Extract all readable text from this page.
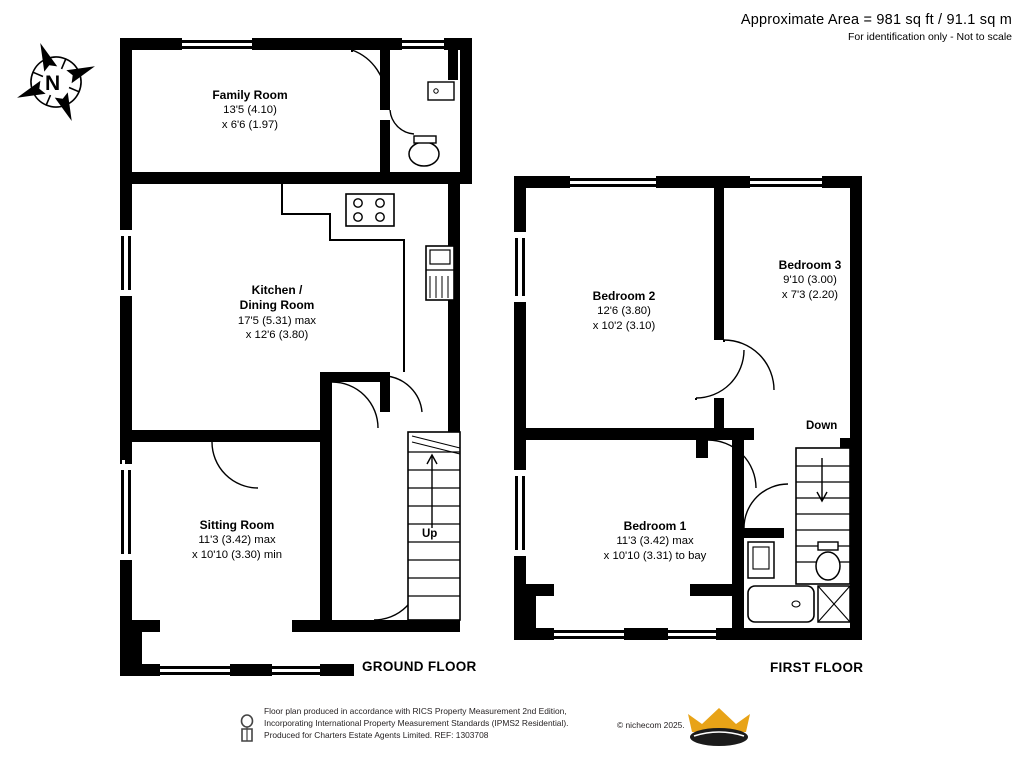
Approximate Area = 981 sq ft / 91.1 sq m
For identification only - Not to scale
N	Family Room
13'5 (4.10)
x 6'6 (1.97)
Kitchen /
Dining Room
17'5 (5.31) max
x 12'6 (3.80)
Sitting Room
11'3 (3.42) max
x 10'10 (3.30) min
Up
GROUND FLOOR
Bedroom 3
9'10 (3.00)
x 7'3 (2.20)
Bedroom 2
12'6 (3.80)
x 10'2 (3.10)
Bedroom 1
11'3 (3.42) max
x 10'10 (3.31) to bay
Down
FIRST FLOOR
Floor plan produced in accordance with RICS Property Measurement 2nd Edition,
Incorporating International Property Measurement Standards (IPMS2 Residential).
Produced for Charters Estate Agents Limited. REF: 1303708
© nichecom 2025.
